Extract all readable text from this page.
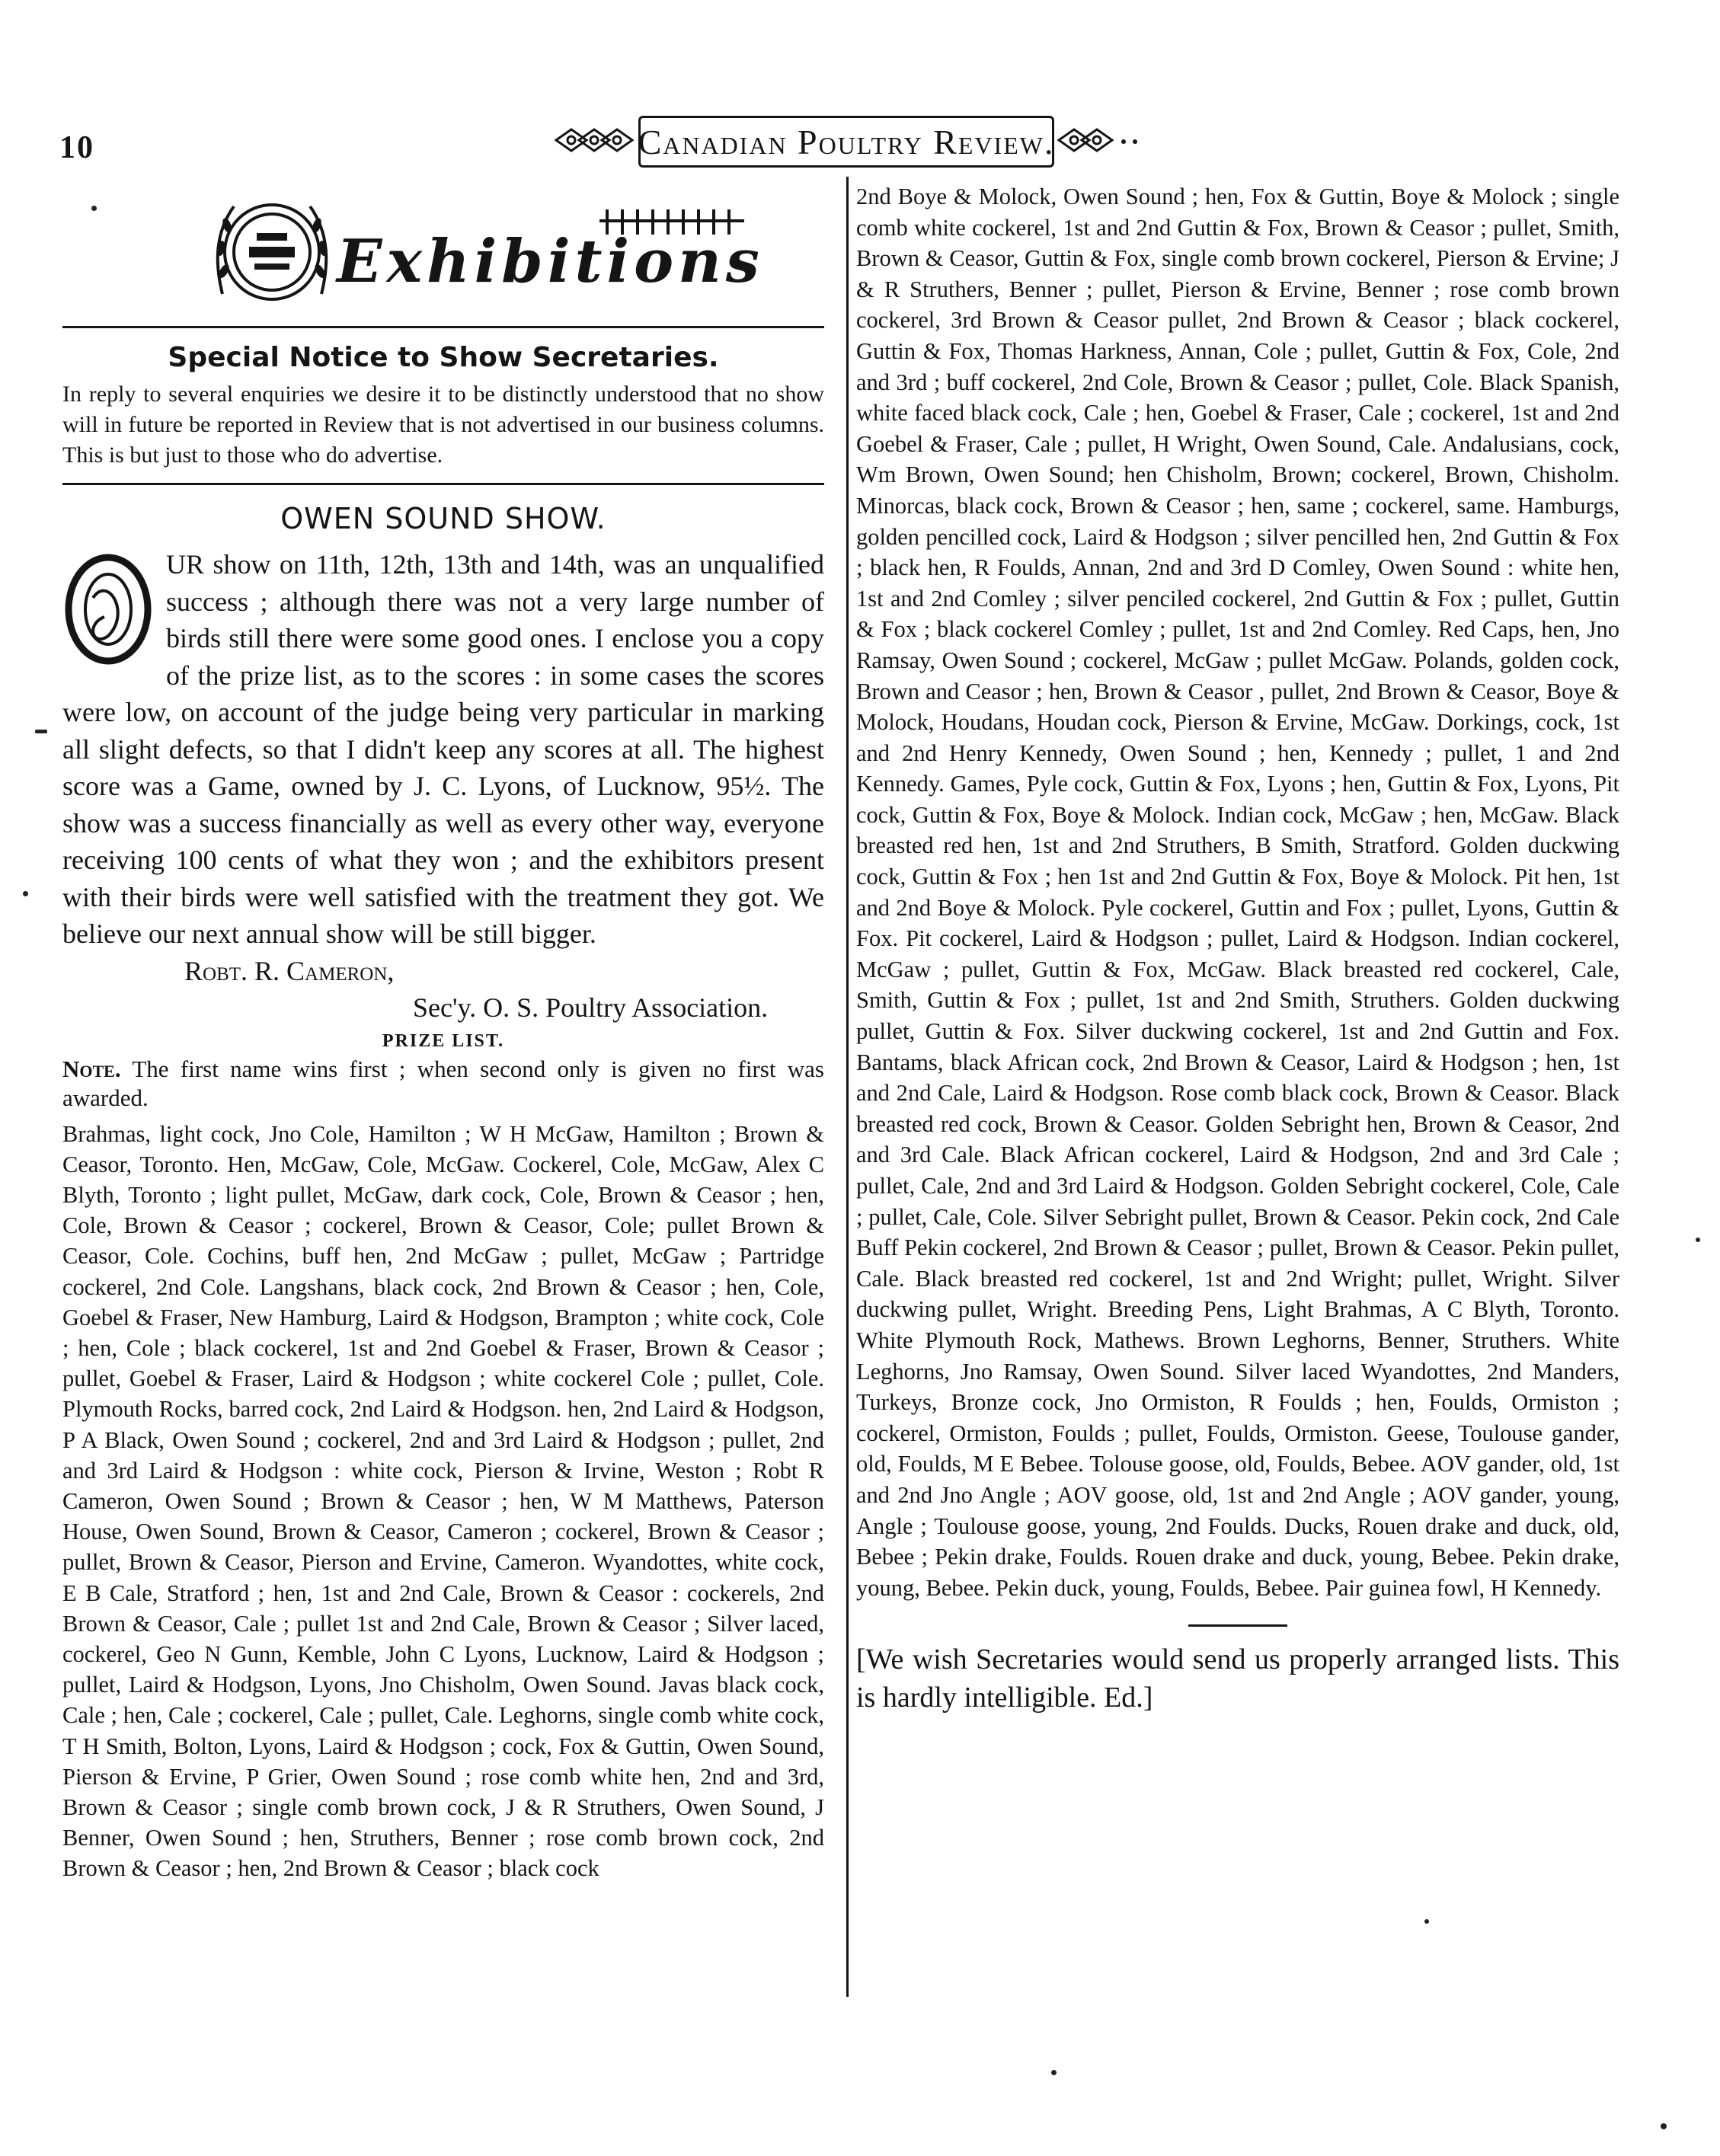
10	Canadian Poultry Review.
Exhibitions
Special Notice to Show Secretaries.

In reply to several enquiries we desire it to be distinctly understood that no show will in future be reported in Review that is not advertised in our business columns. This is but just to those who do advertise.

OWEN SOUND SHOW.

UR show on 11th, 12th, 13th and 14th, was an unqualified success ; although there was not a very large number of birds still there were some good ones. I enclose you a copy of the prize list, as to the scores : in some cases the scores were low, on account of the judge being very particular in marking all slight defects, so that I didn't keep any scores at all. The highest score was a Game, owned by J. C. Lyons, of Lucknow, 95½. The show was a success financially as well as every other way, everyone receiving 100 cents of what they won ; and the exhibitors present with their birds were well satisfied with the treatment they got. We believe our next annual show will be still bigger.

Robt. R. Cameron,

Sec'y. O. S. Poultry Association.

PRIZE LIST.

Note. The first name wins first ; when second only is given no first was awarded.

Brahmas, light cock, Jno Cole, Hamilton ; W H McGaw, Hamilton ; Brown & Ceasor, Toronto. Hen, McGaw, Cole, McGaw. Cockerel, Cole, McGaw, Alex C Blyth, Toronto ; light pullet, McGaw, dark cock, Cole, Brown & Ceasor ; hen, Cole, Brown & Ceasor ; cockerel, Brown & Ceasor, Cole; pullet Brown & Ceasor, Cole. Cochins, buff hen, 2nd McGaw ; pullet, McGaw ; Partridge cockerel, 2nd Cole. Langshans, black cock, 2nd Brown & Ceasor ; hen, Cole, Goebel & Fraser, New Hamburg, Laird & Hodgson, Brampton ; white cock, Cole ; hen, Cole ; black cockerel, 1st and 2nd Goebel & Fraser, Brown & Ceasor ; pullet, Goebel & Fraser, Laird & Hodgson ; white cockerel Cole ; pullet, Cole. Plymouth Rocks, barred cock, 2nd Laird & Hodgson. hen, 2nd Laird & Hodgson, P A Black, Owen Sound ; cockerel, 2nd and 3rd Laird & Hodgson ; pullet, 2nd and 3rd Laird & Hodgson : white cock, Pierson & Irvine, Weston ; Robt R Cameron, Owen Sound ; Brown & Ceasor ; hen, W M Matthews, Paterson House, Owen Sound, Brown & Ceasor, Cameron ; cockerel, Brown & Ceasor ; pullet, Brown & Ceasor, Pierson and Ervine, Cameron. Wyandottes, white cock, E B Cale, Stratford ; hen, 1st and 2nd Cale, Brown & Ceasor : cockerels, 2nd Brown & Ceasor, Cale ; pullet 1st and 2nd Cale, Brown & Ceasor ; Silver laced, cockerel, Geo N Gunn, Kemble, John C Lyons, Lucknow, Laird & Hodgson ; pullet, Laird & Hodgson, Lyons, Jno Chisholm, Owen Sound. Javas black cock, Cale ; hen, Cale ; cockerel, Cale ; pullet, Cale. Leghorns, single comb white cock, T H Smith, Bolton, Lyons, Laird & Hodgson ; cock, Fox & Guttin, Owen Sound, Pierson & Ervine, P Grier, Owen Sound ; rose comb white hen, 2nd and 3rd, Brown & Ceasor ; single comb brown cock, J & R Struthers, Owen Sound, J Benner, Owen Sound ; hen, Struthers, Benner ; rose comb brown cock, 2nd Brown & Ceasor ; hen, 2nd Brown & Ceasor ; black cock

2nd Boye & Molock, Owen Sound ; hen, Fox & Guttin, Boye & Molock ; single comb white cockerel, 1st and 2nd Guttin & Fox, Brown & Ceasor ; pullet, Smith, Brown & Ceasor, Guttin & Fox, single comb brown cockerel, Pierson & Ervine; J & R Struthers, Benner ; pullet, Pierson & Ervine, Benner ; rose comb brown cockerel, 3rd Brown & Ceasor pullet, 2nd Brown & Ceasor ; black cockerel, Guttin & Fox, Thomas Harkness, Annan, Cole ; pullet, Guttin & Fox, Cole, 2nd and 3rd ; buff cockerel, 2nd Cole, Brown & Ceasor ; pullet, Cole. Black Spanish, white faced black cock, Cale ; hen, Goebel & Fraser, Cale ; cockerel, 1st and 2nd Goebel & Fraser, Cale ; pullet, H Wright, Owen Sound, Cale. Andalusians, cock, Wm Brown, Owen Sound; hen Chisholm, Brown; cockerel, Brown, Chisholm. Minorcas, black cock, Brown & Ceasor ; hen, same ; cockerel, same. Hamburgs, golden pencilled cock, Laird & Hodgson ; silver pencilled hen, 2nd Guttin & Fox ; black hen, R Foulds, Annan, 2nd and 3rd D Comley, Owen Sound : white hen, 1st and 2nd Comley ; silver penciled cockerel, 2nd Guttin & Fox ; pullet, Guttin & Fox ; black cockerel Comley ; pullet, 1st and 2nd Comley. Red Caps, hen, Jno Ramsay, Owen Sound ; cockerel, McGaw ; pullet McGaw. Polands, golden cock, Brown and Ceasor ; hen, Brown & Ceasor , pullet, 2nd Brown & Ceasor, Boye & Molock, Houdans, Houdan cock, Pierson & Ervine, McGaw. Dorkings, cock, 1st and 2nd Henry Kennedy, Owen Sound ; hen, Kennedy ; pullet, 1 and 2nd Kennedy. Games, Pyle cock, Guttin & Fox, Lyons ; hen, Guttin & Fox, Lyons, Pit cock, Guttin & Fox, Boye & Molock. Indian cock, McGaw ; hen, McGaw. Black breasted red hen, 1st and 2nd Struthers, B Smith, Stratford. Golden duckwing cock, Guttin & Fox ; hen 1st and 2nd Guttin & Fox, Boye & Molock. Pit hen, 1st and 2nd Boye & Molock. Pyle cockerel, Guttin and Fox ; pullet, Lyons, Guttin & Fox. Pit cockerel, Laird & Hodgson ; pullet, Laird & Hodgson. Indian cockerel, McGaw ; pullet, Guttin & Fox, McGaw. Black breasted red cockerel, Cale, Smith, Guttin & Fox ; pullet, 1st and 2nd Smith, Struthers. Golden duckwing pullet, Guttin & Fox. Silver duckwing cockerel, 1st and 2nd Guttin and Fox. Bantams, black African cock, 2nd Brown & Ceasor, Laird & Hodgson ; hen, 1st and 2nd Cale, Laird & Hodgson. Rose comb black cock, Brown & Ceasor. Black breasted red cock, Brown & Ceasor. Golden Sebright hen, Brown & Ceasor, 2nd and 3rd Cale. Black African cockerel, Laird & Hodgson, 2nd and 3rd Cale ; pullet, Cale, 2nd and 3rd Laird & Hodgson. Golden Sebright cockerel, Cole, Cale ; pullet, Cale, Cole. Silver Sebright pullet, Brown & Ceasor. Pekin cock, 2nd Cale Buff Pekin cockerel, 2nd Brown & Ceasor ; pullet, Brown & Ceasor. Pekin pullet, Cale. Black breasted red cockerel, 1st and 2nd Wright; pullet, Wright. Silver duckwing pullet, Wright. Breeding Pens, Light Brahmas, A C Blyth, Toronto. White Plymouth Rock, Mathews. Brown Leghorns, Benner, Struthers. White Leghorns, Jno Ramsay, Owen Sound. Silver laced Wyandottes, 2nd Manders, Turkeys, Bronze cock, Jno Ormiston, R Foulds ; hen, Foulds, Ormiston ; cockerel, Ormiston, Foulds ; pullet, Foulds, Ormiston. Geese, Toulouse gander, old, Foulds, M E Bebee. Tolouse goose, old, Foulds, Bebee. AOV gander, old, 1st and 2nd Jno Angle ; AOV goose, old, 1st and 2nd Angle ; AOV gander, young, Angle ; Toulouse goose, young, 2nd Foulds. Ducks, Rouen drake and duck, old, Bebee ; Pekin drake, Foulds. Rouen drake and duck, young, Bebee. Pekin drake, young, Bebee. Pekin duck, young, Foulds, Bebee. Pair guinea fowl, H Kennedy.

[We wish Secretaries would send us properly arranged lists. This is hardly intelligible. Ed.]
